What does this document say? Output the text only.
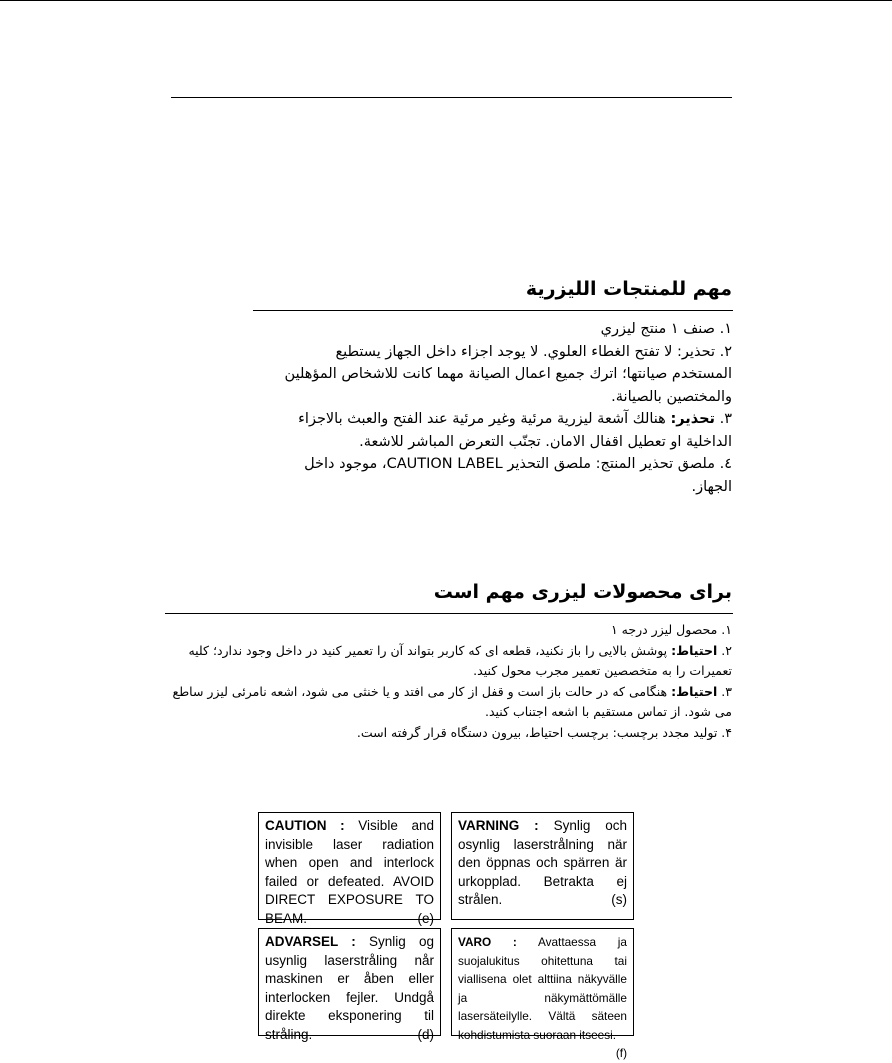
مهم للمنتجات الليزرية
١. صنف ١ منتج ليزري
٢. تحذير: لا تفتح الغطاء العلوي. لا يوجد اجزاء داخل الجهاز يستطيع المستخدم صيانتها؛ اترك جميع اعمال الصيانة مهما كانت للاشخاص المؤهلين والمختصين بالصيانة.
٣. تحذير: هنالك آشعة ليزرية مرئية وغير مرئية عند الفتح والعبث بالاجزاء الداخلية او تعطيل اقفال الامان. تجنّب التعرض المباشر للاشعة.
٤. ملصق تحذير المنتج: ملصق التحذير CAUTION LABEL، موجود داخل الجهاز.
برای محصولات ليزری مهم است
۱. محصول ليزر درجه ۱
۲. احتياط: پوشش بالايی را باز نکنيد، قطعه ای که کاربر بتواند آن را تعمير کنيد در داخل وجود ندارد؛ کليه تعميرات را به متخصصين تعمير مجرب محول کنيد.
۳. احتياط: هنگامی که در حالت باز است و قفل از کار می افتد و يا خنثی می شود، اشعه نامرئی ليزر ساطع می شود. از تماس مستقيم با اشعه اجتناب کنيد.
۴. توليد مجدد برچسب: برچسب احتياط، بيرون دستگاه قرار گرفته است.
CAUTION : Visible and invisible laser radiation when open and interlock failed or defeated. AVOID DIRECT EXPOSURE TO BEAM.	(e)
VARNING : Synlig och osynlig laserstrålning när den öppnas och spärren är urkopplad. Betrakta ej strålen.	(s)
ADVARSEL : Synlig og usynlig laserstråling når maskinen er åben eller interlocken fejler. Undgå direkte eksponering til stråling.	(d)
VARO : Avattaessa ja suojalukitus ohitettuna tai viallisena olet alttiina näkyvälle ja näkymättömälle lasersäteilylle. Vältä säteen kohdistumista suoraan itseesi.
(f)
